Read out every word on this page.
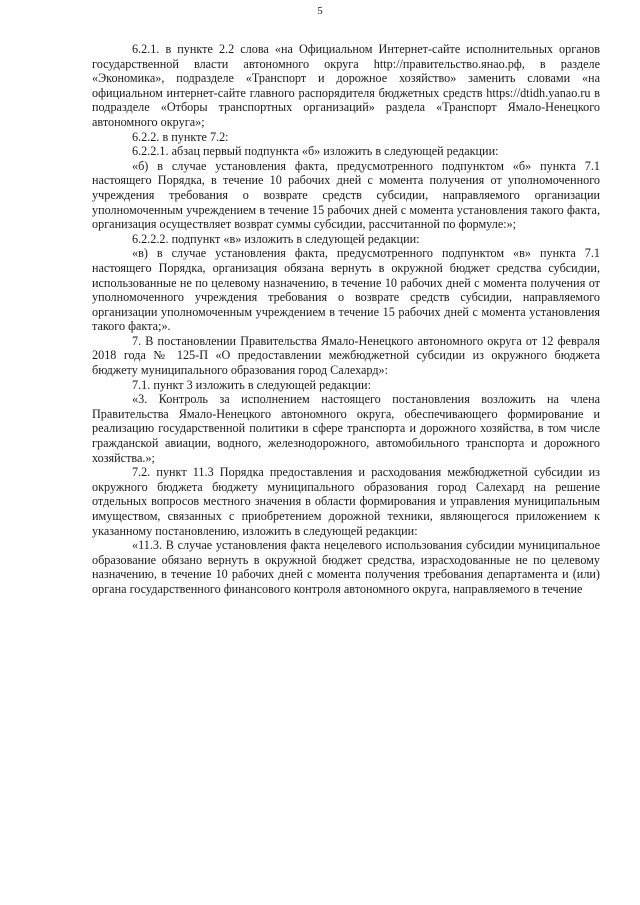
5

6.2.1. в пункте 2.2 слова «на Официальном Интернет-сайте исполнительных органов государственной власти автономного округа http://правительство.янао.рф, в разделе «Экономика», подразделе «Транспорт и дорожное хозяйство» заменить словами «на официальном интернет-сайте главного распорядителя бюджетных средств https://dtidh.yanao.ru в подразделе «Отборы транспортных организаций» раздела «Транспорт Ямало-Ненецкого автономного округа»;

6.2.2. в пункте 7.2:

6.2.2.1. абзац первый подпункта «б» изложить в следующей редакции:

«б) в случае установления факта, предусмотренного подпунктом «б» пункта 7.1 настоящего Порядка, в течение 10 рабочих дней с момента получения от уполномоченного учреждения требования о возврате средств субсидии, направляемого организации уполномоченным учреждением в течение 15 рабочих дней с момента установления такого факта, организация осуществляет возврат суммы субсидии, рассчитанной по формуле:»;

6.2.2.2. подпункт «в» изложить в следующей редакции:

«в) в случае установления факта, предусмотренного подпунктом «в» пункта 7.1 настоящего Порядка, организация обязана вернуть в окружной бюджет средства субсидии, использованные не по целевому назначению, в течение 10 рабочих дней с момента получения от уполномоченного учреждения требования о возврате средств субсидии, направляемого организации уполномоченным учреждением в течение 15 рабочих дней с момента установления такого факта;».

7. В постановлении Правительства Ямало-Ненецкого автономного округа от 12 февраля 2018 года № 125-П «О предоставлении межбюджетной субсидии из окружного бюджета бюджету муниципального образования город Салехард»:

7.1. пункт 3 изложить в следующей редакции:

«3. Контроль за исполнением настоящего постановления возложить на члена Правительства Ямало-Ненецкого автономного округа, обеспечивающего формирование и реализацию государственной политики в сфере транспорта и дорожного хозяйства, в том числе гражданской авиации, водного, железнодорожного, автомобильного транспорта и дорожного хозяйства.»;

7.2. пункт 11.3 Порядка предоставления и расходования межбюджетной субсидии из окружного бюджета бюджету муниципального образования город Салехард на решение отдельных вопросов местного значения в области формирования и управления муниципальным имуществом, связанных с приобретением дорожной техники, являющегося приложением к указанному постановлению, изложить в следующей редакции:

«11.3. В случае установления факта нецелевого использования субсидии муниципальное образование обязано вернуть в окружной бюджет средства, израсходованные не по целевому назначению, в течение 10 рабочих дней с момента получения требования департамента и (или) органа государственного финансового контроля автономного округа, направляемого в течение
